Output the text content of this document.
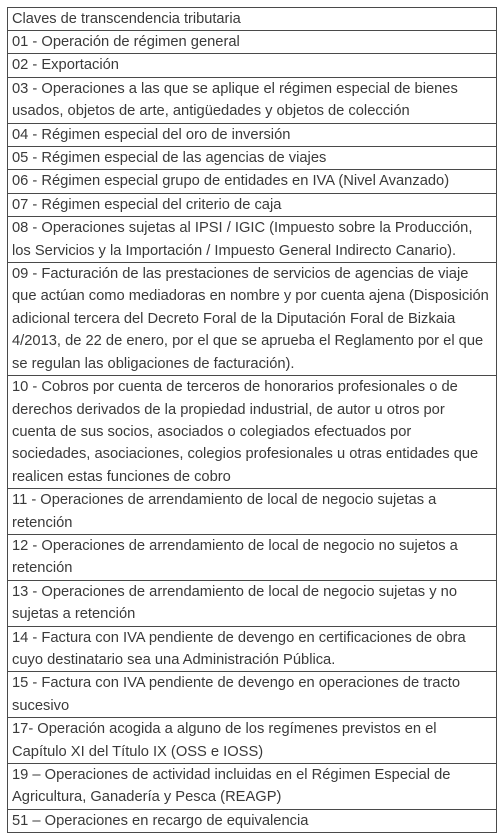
Claves de transcendencia tributaria
01 - Operación de régimen general
02 - Exportación
03 - Operaciones a las que se aplique el régimen especial de bienes usados, objetos de arte, antigüedades y objetos de colección
04 - Régimen especial del oro de inversión
05 - Régimen especial de las agencias de viajes
06 - Régimen especial grupo de entidades en IVA (Nivel Avanzado)
07 - Régimen especial del criterio de caja
08 - Operaciones sujetas al IPSI / IGIC (Impuesto sobre la Producción, los Servicios y la Importación / Impuesto General Indirecto Canario).
09 - Facturación de las prestaciones de servicios de agencias de viaje que actúan como mediadoras en nombre y por cuenta ajena (Disposición adicional tercera del Decreto Foral de la Diputación Foral de Bizkaia 4/2013, de 22 de enero, por el que se aprueba el Reglamento por el que se regulan las obligaciones de facturación).
10 - Cobros por cuenta de terceros de honorarios profesionales o de derechos derivados de la propiedad industrial, de autor u otros por cuenta de sus socios, asociados o colegiados efectuados por sociedades, asociaciones, colegios profesionales u otras entidades que realicen estas funciones de cobro
11 - Operaciones de arrendamiento de local de negocio sujetas a retención
12 - Operaciones de arrendamiento de local de negocio no sujetos a retención
13 - Operaciones de arrendamiento de local de negocio sujetas y no sujetas a retención
14 - Factura con IVA pendiente de devengo en certificaciones de obra cuyo destinatario sea una Administración Pública.
15 - Factura con IVA pendiente de devengo en operaciones de tracto sucesivo
17- Operación acogida a alguno de los regímenes previstos en el Capítulo XI del Título IX (OSS e IOSS)
19 – Operaciones de actividad incluidas en el Régimen Especial de Agricultura, Ganadería y Pesca (REAGP)
51 – Operaciones en recargo de equivalencia
